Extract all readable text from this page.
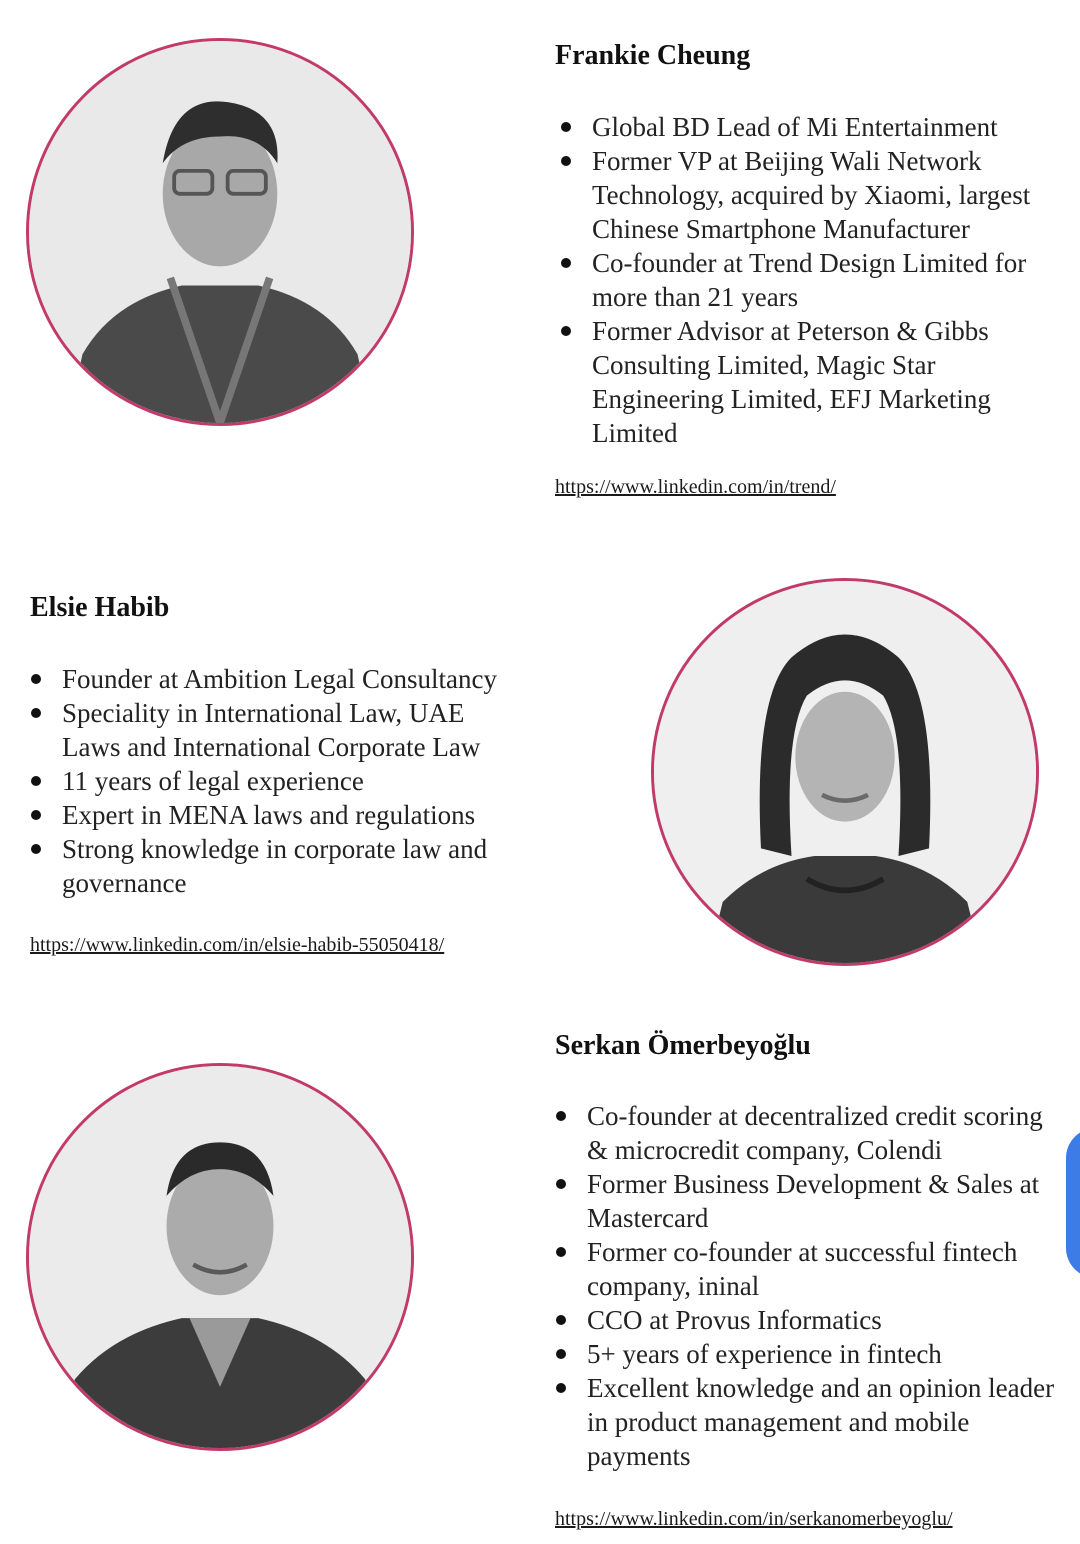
Frankie Cheung
Global BD Lead of Mi Entertainment
Former VP at Beijing Wali Network Technology, acquired by Xiaomi, largest Chinese Smartphone Manufacturer
Co-founder at Trend Design Limited for more than 21 years
Former Advisor at Peterson & Gibbs Consulting Limited, Magic Star Engineering Limited, EFJ Marketing Limited
https://www.linkedin.com/in/trend/
Elsie Habib
Founder at Ambition Legal Consultancy
Speciality in International Law, UAE Laws and International Corporate Law
11 years of legal experience
Expert in MENA laws and regulations
Strong knowledge in corporate law and governance
https://www.linkedin.com/in/elsie-habib-55050418/
Serkan Ömerbeyoğlu
Co-founder at decentralized credit scoring & microcredit company, Colendi
Former Business Development & Sales at Mastercard
Former co-founder at successful fintech company, ininal
CCO at Provus Informatics
5+ years of experience in fintech
Excellent knowledge and an opinion leader in product management and mobile payments
https://www.linkedin.com/in/serkanomerbeyoglu/
